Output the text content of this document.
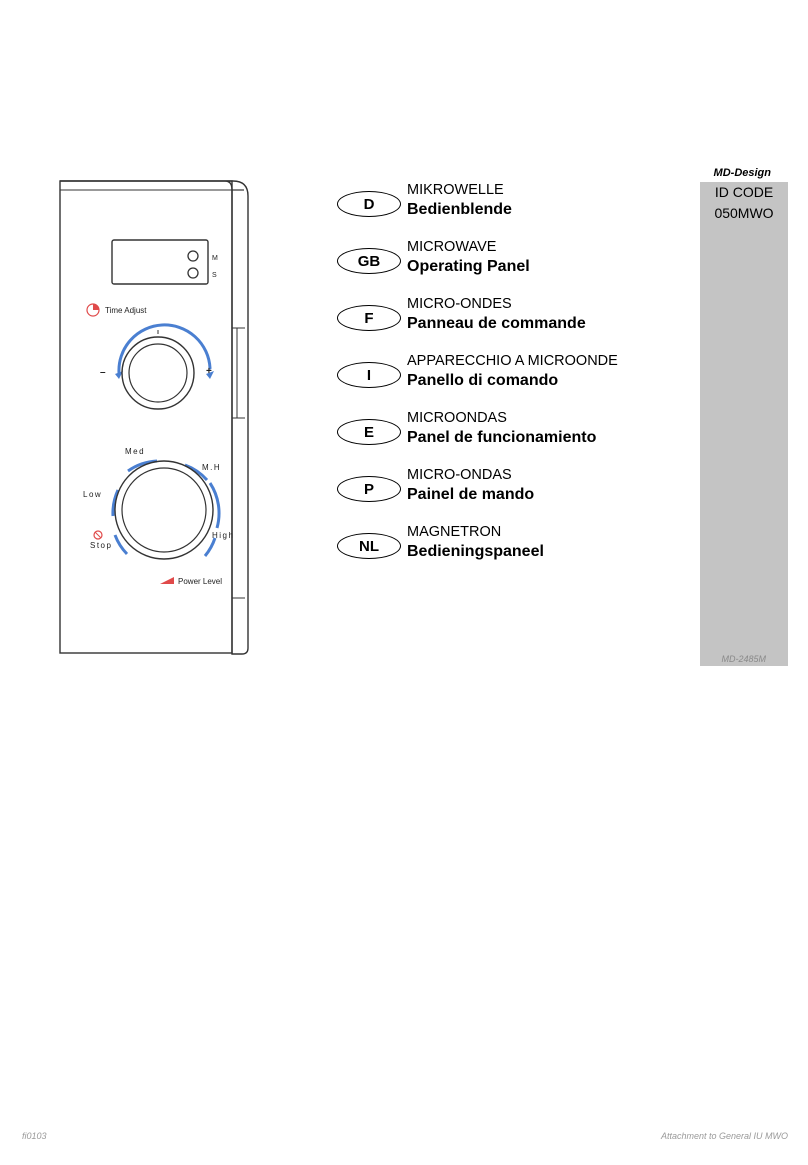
MD-Design
ID CODE
050MWO
MD-2485M
M
S
Time Adjust
–	+
Med
M.H
Low
High
Stop
Power Level
D
MIKROWELLE
Bedienblende
GB
MICROWAVE
Operating Panel
F
MICRO-ONDES
Panneau de commande
I
APPARECCHIO A MICROONDE
Panello di comando
E
MICROONDAS
Panel de funcionamiento
P
MICRO-ONDAS
Painel de mando
NL
MAGNETRON
Bedieningspaneel
fi0103	Attachment to General IU MWO
